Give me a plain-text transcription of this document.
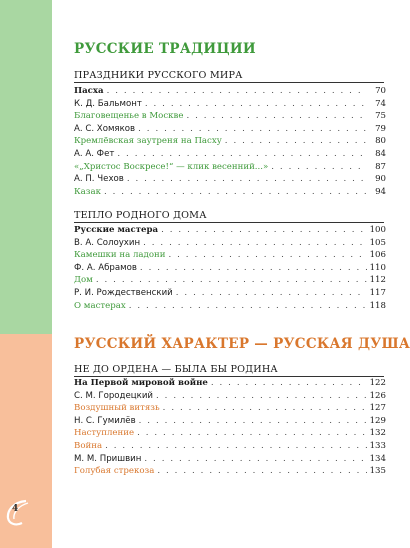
4
РУССКИЕ ТРАДИЦИИ
ПРАЗДНИКИ РУССКОГО МИРА
Пасха . . .	70
К. Д. Бальмонт . . .	74
Благовещенье в Москве . . .	75
А. С. Хомяков . . .	79
Кремлёвская заутреня на Пасху . . .	80
А. А. Фет . . .	84
«„Христос Воскресе!“ — клик весенний...» . . .	87
А. П. Чехов . . .	90
Казак . . .	94
ТЕПЛО РОДНОГО ДОМА
Русские мастера . . .	100
В. А. Солоухин . . .	105
Камешки на ладони . . .	106
Ф. А. Абрамов . . .	110
Дом . . .	112
Р. И. Рождественский . . .	117
О мастерах . . .	118
РУССКИЙ ХАРАКТЕР — РУССКАЯ ДУША
НЕ ДО ОРДЕНА — БЫЛА БЫ РОДИНА
На Первой мировой войне . . .	122
С. М. Городецкий . . .	126
Воздушный витязь . . .	127
Н. С. Гумилёв . . .	129
Наступление . . .	132
Война . . .	133
М. М. Пришвин . . .	134
Голубая стрекоза . . .	135
